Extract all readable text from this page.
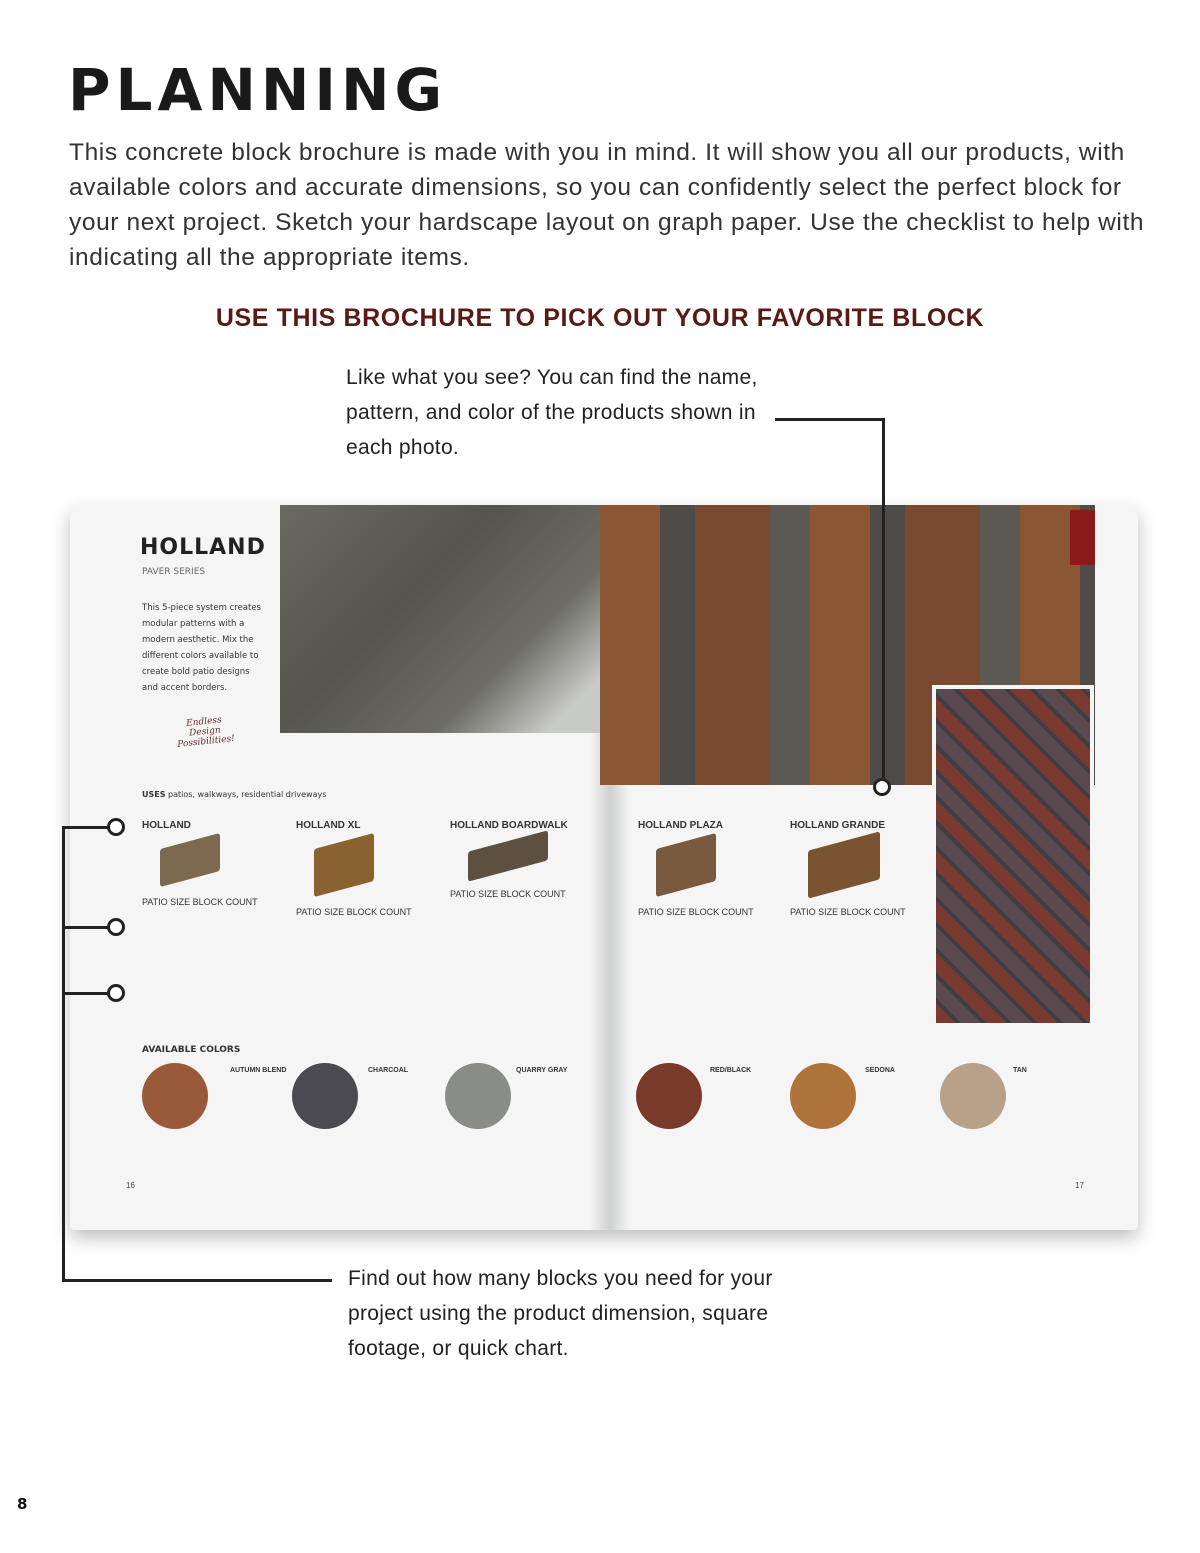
PLANNING
This concrete block brochure is made with you in mind. It will show you all our products, with available colors and accurate dimensions, so you can confidently select the perfect block for your next project. Sketch your hardscape layout on graph paper. Use the checklist to help with indicating all the appropriate items.
USE THIS BROCHURE TO PICK OUT YOUR FAVORITE BLOCK
Like what you see? You can find the name, pattern, and color of the products shown in each photo.
HOLLAND
PAVER SERIES
This 5-piece system creates modular patterns with a modern aesthetic. Mix the different colors available to create bold patio designs and accent borders.
Endless Design Possibilities!
USES patios, walkways, residential driveways
HOLLAND
PATIO SIZE BLOCK COUNT
HOLLAND XL
PATIO SIZE BLOCK COUNT
HOLLAND BOARDWALK
PATIO SIZE BLOCK COUNT
HOLLAND PLAZA
PATIO SIZE BLOCK COUNT
HOLLAND GRANDE
PATIO SIZE BLOCK COUNT
AVAILABLE COLORS
AUTUMN BLEND	CHARCOAL	QUARRY GRAY	RED/BLACK	SEDONA	TAN
16	17
Find out how many blocks you need for your project using the product dimension, square footage, or quick chart.
8
